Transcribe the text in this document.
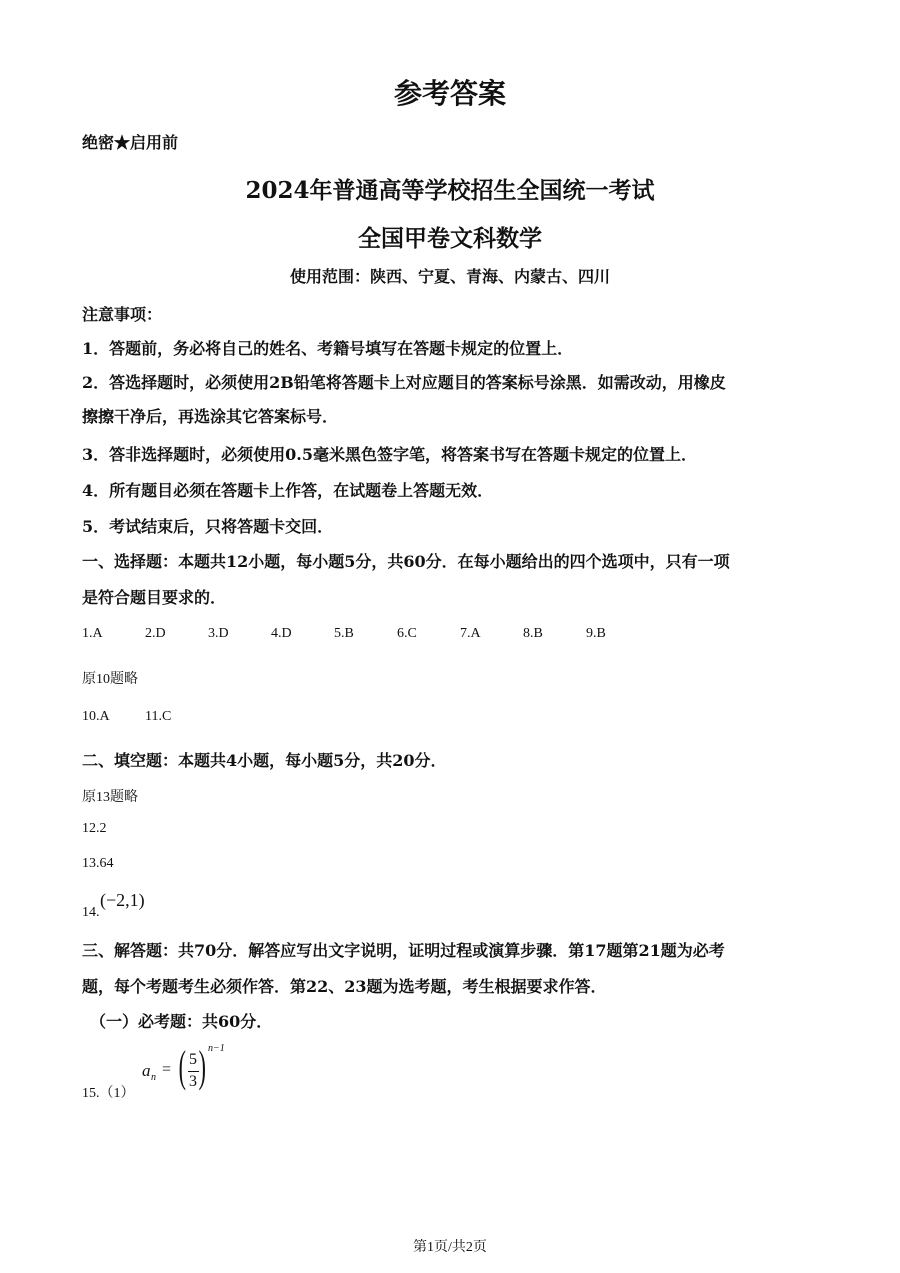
参考答案
绝密★启用前
2024年普通高等学校招生全国统一考试
全国甲卷文科数学
使用范围：陕西、宁夏、青海、内蒙古、四川
注意事项：
1．答题前，务必将自己的姓名、考籍号填写在答题卡规定的位置上．
2．答选择题时，必须使用2B铅笔将答题卡上对应题目的答案标号涂黑．如需改动，用橡皮
擦擦干净后，再选涂其它答案标号．
3．答非选择题时，必须使用0.5毫米黑色签字笔，将答案书写在答题卡规定的位置上．
4．所有题目必须在答题卡上作答，在试题卷上答题无效．
5．考试结束后，只将答题卡交回．
一、选择题：本题共12小题，每小题5分，共60分．在每小题给出的四个选项中，只有一项
是符合题目要求的．
1.A	2.D	3.D	4.D	5.B	6.C	7.A	8.B	9.B
原10题略
10.A	11.C
二、填空题：本题共4小题，每小题5分，共20分．
原13题略
12.2
13.64
14.
(−2,1)
三、解答题：共70分．解答应写出文字说明，证明过程或演算步骤．第17题第21题为必考
题，每个考题考生必须作答．第22、23题为选考题，考生根据要求作答．
（一）必考题：共60分．
15.（1）
a n = ( 5
3 ) n−1
第1页/共2页
